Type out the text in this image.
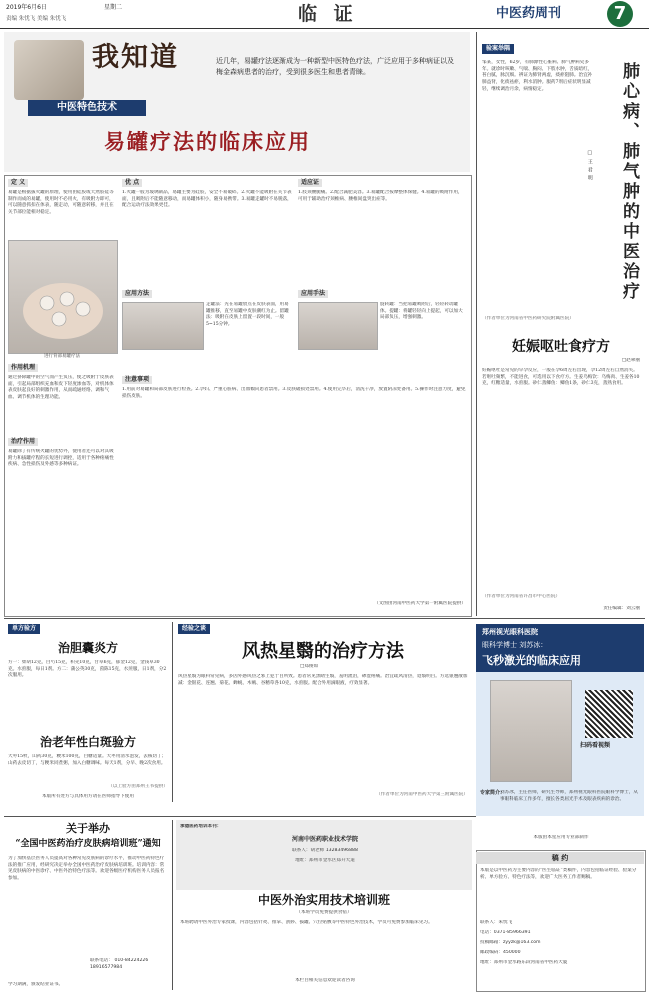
2019年6月6日	星期二
责编 朱忧飞 美编 朱忧飞	临 证	中医药周刊	7
我知道
中医特色技术
近几年，易罐疗法逐渐成为一种新型中医特色疗法，广泛应用于多种病证以及梅金森病患者的治疗，受到很多医生和患者青睐。
易罐疗法的临床应用
定 义
易罐是根据拔火罐的原理，使用由硅胶或天然胶硅等制作而成的易罐，使用时不必用火，有吸附力即可，可以随意抓扣在体表，随走动，可随意转移，并且在关节部位能相对稳定。
进行背部易罐疗法
作用机理
通过挤除罐中的空气而产生负压，使之吸附于皮肤表面，引起局部组织充血和皮下轻度渗血等，对机体体表皮肤起良好的刺激作用，从而疏通经络、调和气血、调节机体的生理功能。
治疗作用
易罐除了有传统火罐的优势外，使用者还可以对其吸附力和拔罐疗程的长短进行调控，适用于各种疼痛性疾病、急性损伤及外感等多种病证。
优 点
1.火罐一般为玻璃制品，易罐主要为硅胶，安全不易破碎。2.火罐不能吸附在关节表面，且吸附后不能随意移动，而易罐体积小，随身易携带。3.易罐走罐时不易脱落，配合运动疗法效果更佳。
适应证
1.肢颈腰腿痛。2.配合减肥美容。3.易罐配合按摩整体保健。4.易罐的吸附作用，可用于辅助治疗颈椎病、腰椎间盘突出症等。
应用方法
走罐法：先在易罐放点在皮肤表面，用易罐推移，直至易罐中皮肤潮红为止。留罐法：吸附在皮肤上留置一段时间，一般5~15分钟。
应用手法
旋转罐：当把易罐吸附后，轻轻转动罐体。提罐：将罐轻轻向上提起，可以加大局部负压，增强刺激。
注意事项
1.用前对易罐和局部皮肤进行检查。2.孕妇、严重心脏病、出血倾向患者禁用。3.皮肤破损处禁用。4.使用完毕后，清洗干净，放置阴凉处备用。5.操作时注意力度，避免损伤皮肤。
（文图由河南中医药大学第一附属医院提供）
验案举隅
邹某，女性，62岁，有肺源性心脏病、肺气肿病史多年。就诊时咳嗽、气喘、胸闷、下肢水肿，舌质暗红，苔白腻，脉沉细。辨证为肺肾两虚，痰瘀阻肺。治宜补肺益肾，化痰祛瘀，利水消肿。服药7剂后症状明显减轻，继续调治月余，病情稳定。	肺心病、肺气肿的中医治疗
□王君明
（作者单位为河南省中医药研究院附属医院）
妊娠呕吐食疗方
□赵翠丽
妊娠呕吐是常见的早孕反应，一般在孕6周左右出现，孕12周左右自然消失。若呕吐频繁，不能进食，可选用以下食疗方。生姜乌梅饮：乌梅肉、生姜各10克，红糖适量，水煎服。砂仁蒸鲫鱼：鲫鱼1条，砂仁3克，蒸熟食用。
（作者单位为河南省许昌市中心医院）
责任编辑：刘云丽
单方验方
治胆囊炎方
方一：柴胡12克，白芍15克，枳壳10克，甘草6克，郁金12克，金钱草30克。水煎服，每日1剂。方二：蒲公英30克，茵陈15克，水煎服，日1剂，分2次服用。
治老年性白斑验方
大枣15枚，山药30克，粳米100克，白糖适量。大枣用清水泡发，去核切丁；山药去皮切丁，与粳米同煮粥，加入白糖调味。每天1剂，分早、晚2次食用。
（以上验方由郑州王书提供）
本版所有处方与具体用方请在医师指导下使用
经验之谈
风热星翳的治疗方法
□郑俊如
风热星翳为眼科常见病，多因外感风热之邪上犯于目所致。患者常见黑睛生翳，羞明流泪，碜涩疼痛。治宜疏风清热，退翳明目。方选银翘散加减：金银花、连翘、菊花、蝉蜕、木贼、谷精草各10克，水煎服。配合外用滴眼液，疗效显著。
（作者单位为河南中医药大学第三附属医院）
郑州视光眼科医院
眼科学博士 刘苏冰：
飞秒激光的临床应用
扫码看视频
专家简介：
刘苏冰，主任医师，研究生导师，郑州视光眼科医院眼科学博士，从事眼科临床工作多年，擅长各类屈光手术及眼表疾病的诊治。
本版由本星应用专业部制作
关于举办
“全国中医药治疗皮肤病培训班”通知
为了加快基层医务人员提高对各种常见皮肤病的诊疗水平，推动中医药特色疗法的推广应用，经研究决定举办全国中医药治疗皮肤病培训班。培训内容：常见皮肤病的中医诊疗、中医外治特色疗法等。欢迎各级医疗机构医务人员报名参加。
联系电话： 010-84224226
18916577984
学习期满，颁发结业证书。
承德医药培训本刊：
河南中医药职业技术学院
联系人：胡老师 13283496888
地址：郑州市金水区郑开大道
中医外治实用技术培训班
（本班学员免费提供食宿）
本班聘请中医外治专家授课，内容包括针灸、推拿、刮痧、拔罐、穴位贴敷等中医特色外治技术，学员可免费参加临床见习。
本栏目相关信息欢迎读者咨询
稿 约
本版是以中医药为主要内容的“医生临证”类稿件，内容包括临证经验、验案分析、单方验方、特色疗法等，欢迎广大医务工作者赐稿。
联系人：朱忧飞
电话：0371-85966391
投稿邮箱：zyyzk@163.com
邮政编码：450000
地址：郑州市金水路东段河南省中医药大厦
